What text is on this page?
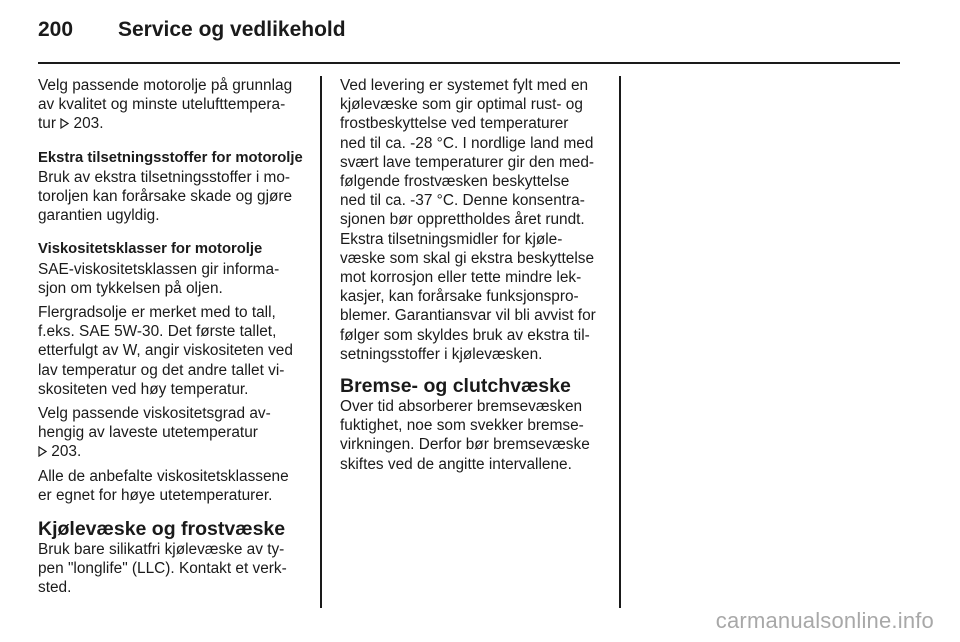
200 Service og vedlikehold

Velg passende motorolje på grunnlag
av kvalitet og minste utelufttempera-
tur 203.

Ekstra tilsetningsstoffer for motorolje

Bruk av ekstra tilsetningsstoffer i mo-
toroljen kan forårsake skade og gjøre
garantien ugyldig.

Viskositetsklasser for motorolje

SAE-viskositetsklassen gir informa-
sjon om tykkelsen på oljen.

Flergradsolje er merket med to tall,
f.eks. SAE 5W-30. Det første tallet,
etterfulgt av W, angir viskositeten ved
lav temperatur og det andre tallet vi-
skositeten ved høy temperatur.

Velg passende viskositetsgrad av-
hengig av laveste utetemperatur
203.

Alle de anbefalte viskositetsklassene
er egnet for høye utetemperaturer.

Kjølevæske og frostvæske

Bruk bare silikatfri kjølevæske av ty-
pen "longlife" (LLC). Kontakt et verk-
sted.

Ved levering er systemet fylt med en
kjølevæske som gir optimal rust- og
frostbeskyttelse ved temperaturer
ned til ca. -28 °C. I nordlige land med
svært lave temperaturer gir den med-
følgende frostvæsken beskyttelse
ned til ca. -37 °C. Denne konsentra-
sjonen bør opprettholdes året rundt.
Ekstra tilsetningsmidler for kjøle-
væske som skal gi ekstra beskyttelse
mot korrosjon eller tette mindre lek-
kasjer, kan forårsake funksjonspro-
blemer. Garantiansvar vil bli avvist for
følger som skyldes bruk av ekstra til-
setningsstoffer i kjølevæsken.

Bremse- og clutchvæske

Over tid absorberer bremsevæsken
fuktighet, noe som svekker bremse-
virkningen. Derfor bør bremsevæske
skiftes ved de angitte intervallene.

carmanualsonline.info
